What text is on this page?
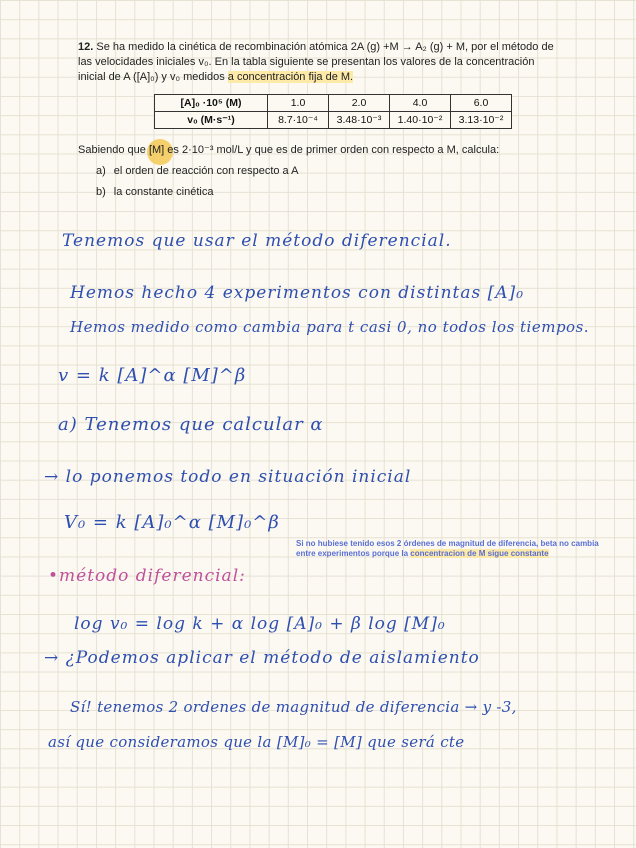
12. Se ha medido la cinética de recombinación atómica 2A (g) +M → A₂ (g) + M, por el método de las velocidades iniciales v₀. En la tabla siguiente se presentan los valores de la concentración inicial de A ([A]₀) y v₀ medidos a concentración fija de M.
[A]₀ ·10⁵ (M)	1.0	2.0	4.0	6.0
v₀ (M·s⁻¹)	8.7·10⁻⁴	3.48·10⁻³	1.40·10⁻²	3.13·10⁻²
Sabiendo que [M] es 2·10⁻³ mol/L y que es de primer orden con respecto a M, calcula:
a) el orden de reacción con respecto a A
b) la constante cinética
Tenemos que usar el método diferencial.
Hemos hecho 4 experimentos con distintas [A]₀
Hemos medido como cambia para t casi 0, no todos los tiempos.
v = k [A]^α [M]^β
a) Tenemos que calcular α
→ lo ponemos todo en situación inicial
V₀ = k [A]₀^α [M]₀^β
Si no hubiese tenido esos 2 órdenes de magnitud de diferencia, beta no cambia entre experimentos porque la concentracion de M sigue constante
•método diferencial:
log v₀ = log k + α log [A]₀ + β log [M]₀
→ ¿Podemos aplicar el método de aislamiento
Sí! tenemos 2 ordenes de magnitud de diferencia → y -3,
así que consideramos que la [M]₀ = [M] que será cte
